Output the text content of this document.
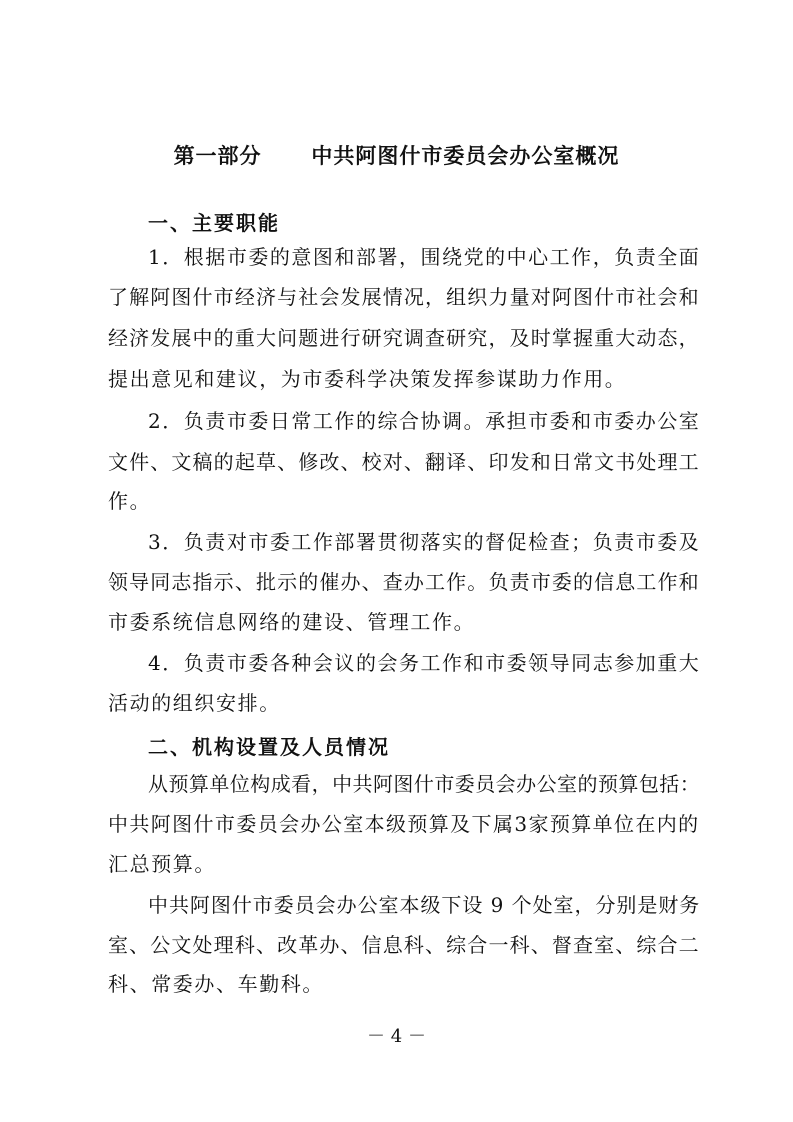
第一部分      中共阿图什市委员会办公室概况
一、主要职能
1．根据市委的意图和部署，围绕党的中心工作，负责全面
了解阿图什市经济与社会发展情况，组织力量对阿图什市社会和
经济发展中的重大问题进行研究调查研究，及时掌握重大动态，
提出意见和建议，为市委科学决策发挥参谋助力作用。
2．负责市委日常工作的综合协调。承担市委和市委办公室
文件、文稿的起草、修改、校对、翻译、印发和日常文书处理工
作。
3．负责对市委工作部署贯彻落实的督促检查；负责市委及
领导同志指示、批示的催办、查办工作。负责市委的信息工作和
市委系统信息网络的建设、管理工作。
4．负责市委各种会议的会务工作和市委领导同志参加重大
活动的组织安排。
二、机构设置及人员情况
从预算单位构成看，中共阿图什市委员会办公室的预算包括：
中共阿图什市委员会办公室本级预算及下属3家预算单位在内的
汇总预算。
中共阿图什市委员会办公室本级下设 9 个处室，分别是财务
室、公文处理科、改革办、信息科、综合一科、督查室、综合二
科、常委办、车勤科。
－ 4 －
